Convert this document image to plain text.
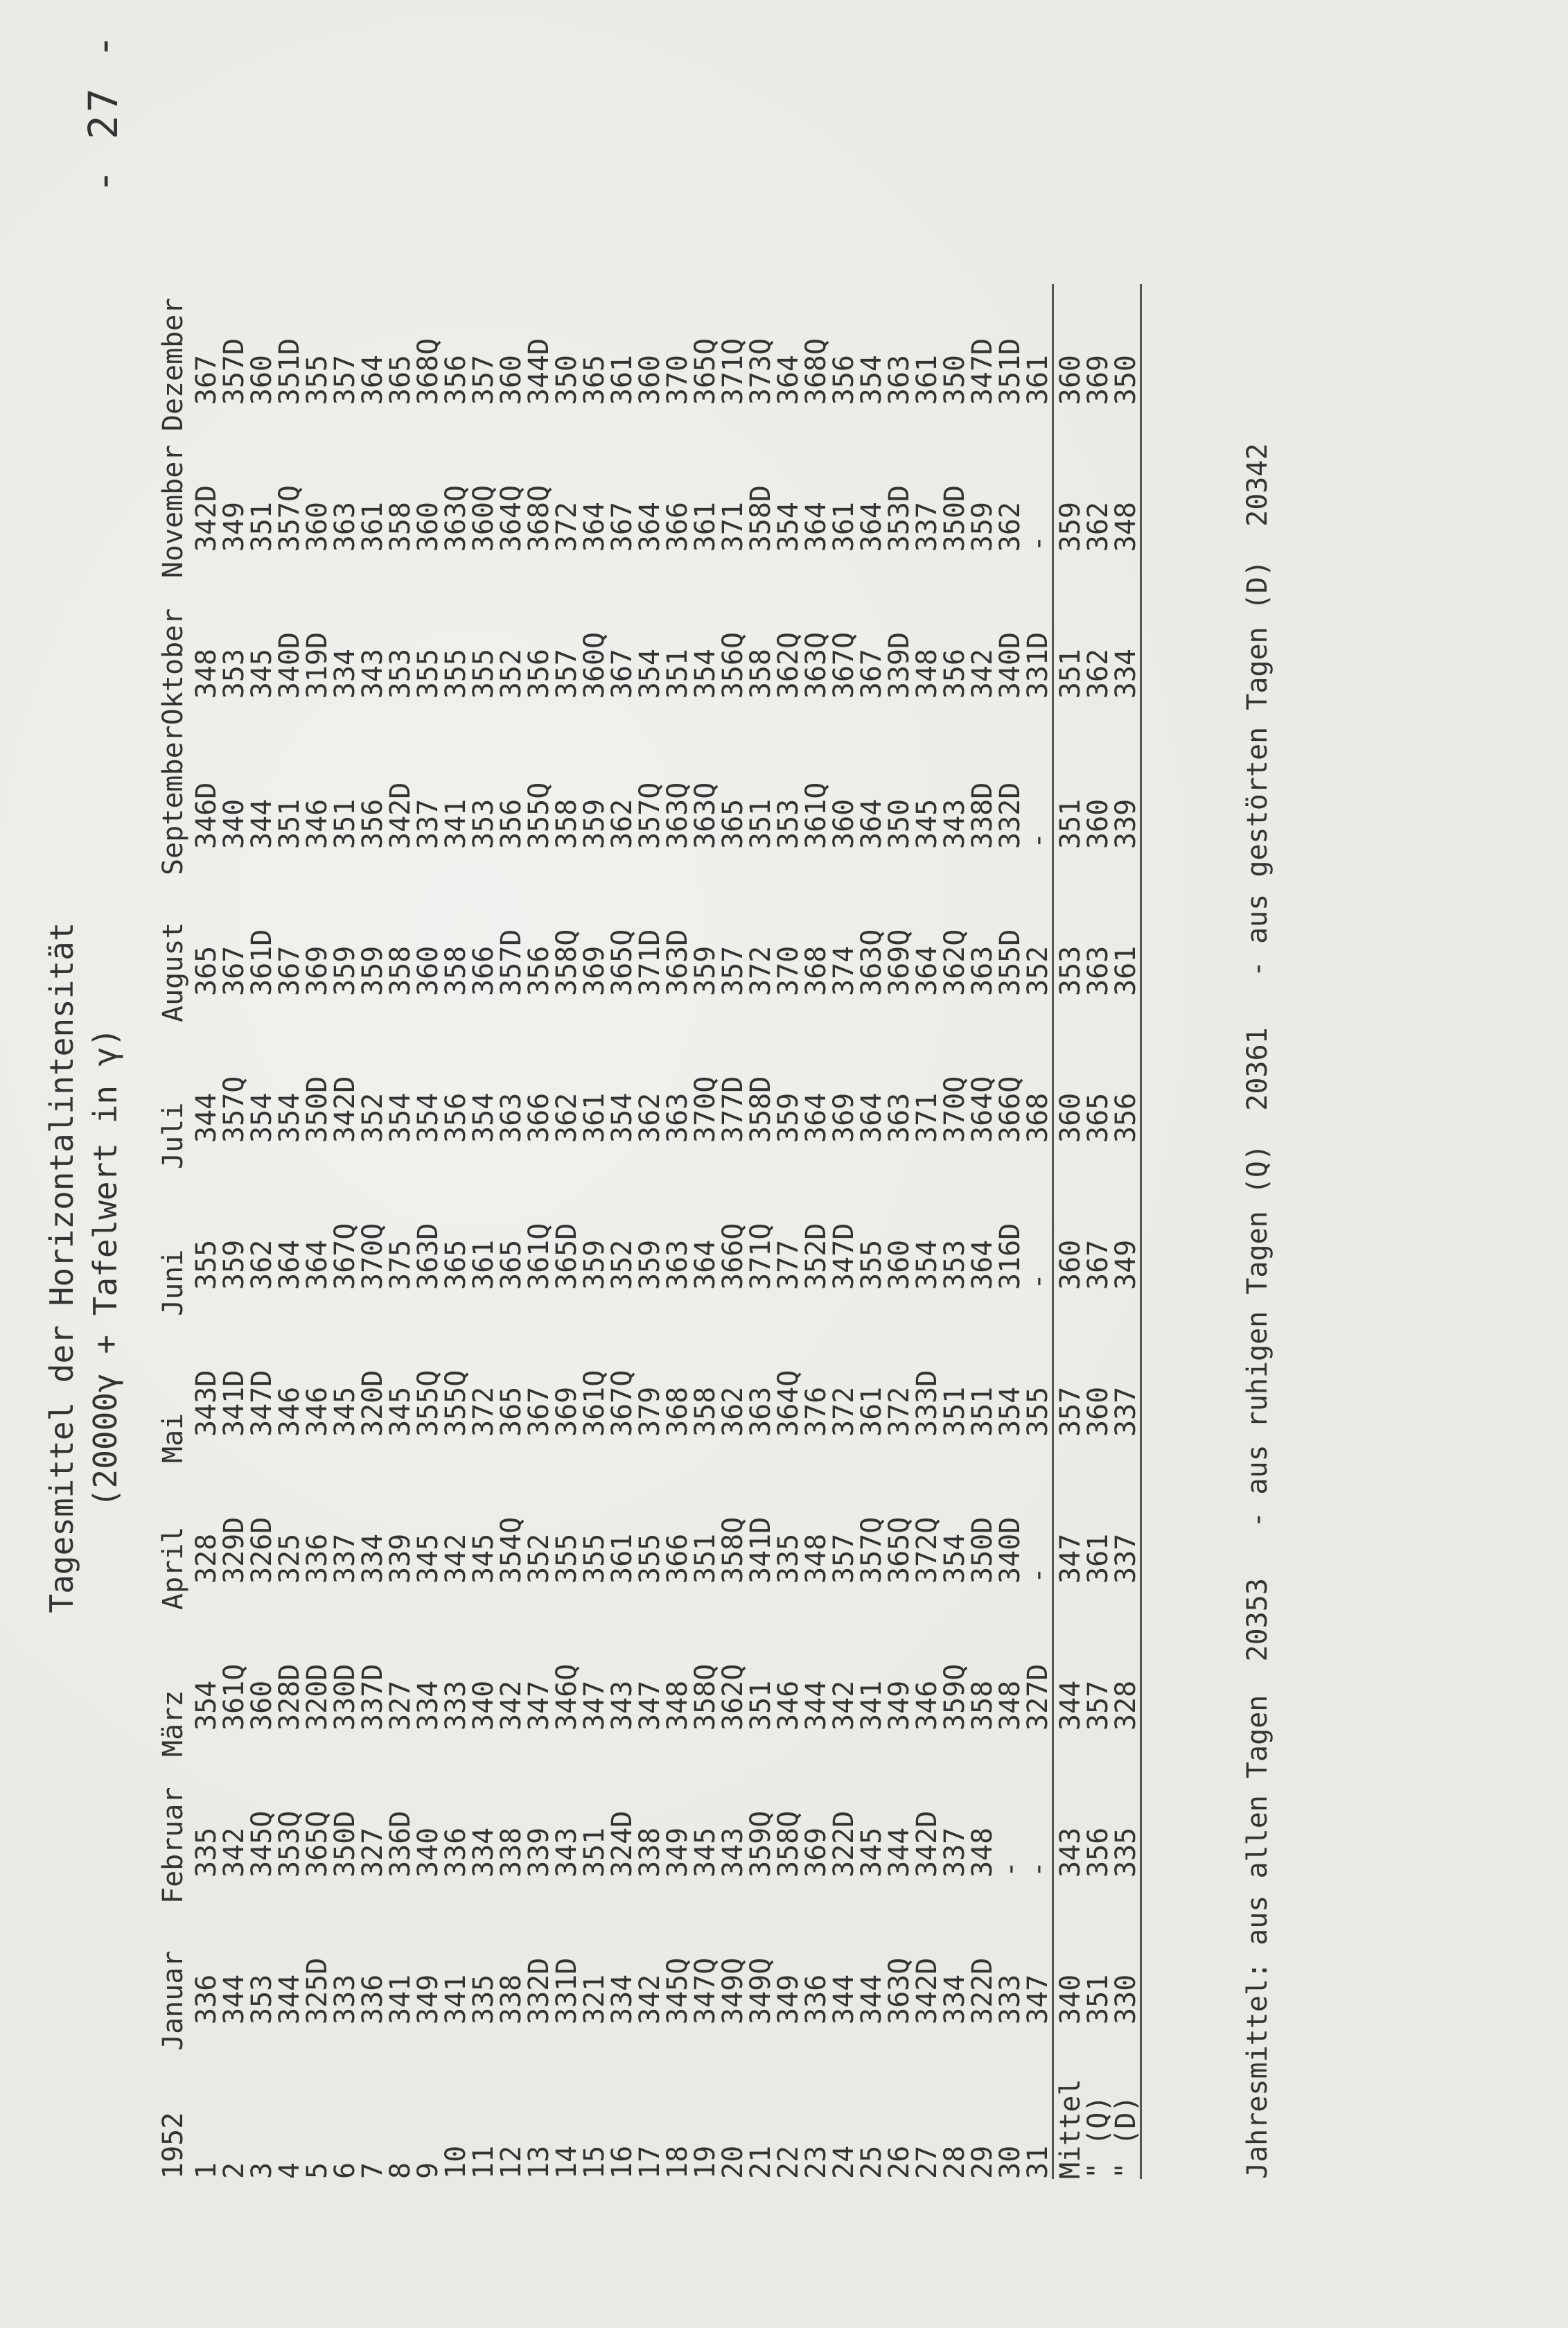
- 27 -
Tagesmittel der Horizontalintensität (20000γ + Tafelwert in γ)
1952	Januar	Februar	März	April	Mai	Juni	Juli	August	September	Oktober	November	Dezember
1	336	335	354	328	343D	355	344	365	346D	348	342D	367
2	344	342	361Q	329D	341D	359	357Q	367	340	353	349	357D
3	353	345Q	360	326D	347D	362	354	361D	344	345	351	360
4	344	353Q	328D	325	346	364	354	367	351	340D	357Q	351D
5	325D	365Q	320D	336	346	364	350D	369	346	319D	360	355
6	333	350D	330D	337	345	367Q	342D	359	351	334	363	357
7	336	327	337D	334	320D	370Q	352	359	356	343	361	364
8	341	336D	327	339	345	375	354	358	342D	353	358	365
9	349	340	334	345	355Q	363D	354	360	337	355	360	368Q
10	341	336	333	342	355Q	365	356	358	341	355	363Q	356
11	335	334	340	345	372	361	354	366	353	355	360Q	357
12	338	338	342	354Q	365	365	363	357D	356	352	364Q	360
13	332D	339	347	352	367	361Q	366	356	355Q	356	368Q	344D
14	331D	343	346Q	355	369	365D	362	358Q	358	357	372	350
15	321	351	347	355	361Q	359	361	369	359	360Q	364	365
16	334	324D	343	361	367Q	352	354	365Q	362	367	367	361
17	342	338	347	355	379	359	362	371D	357Q	354	364	360
18	345Q	349	348	366	368	363	363	363D	363Q	351	366	370
19	347Q	345	358Q	351	358	364	370Q	359	363Q	354	361	365Q
20	349Q	343	362Q	358Q	362	366Q	377D	357	365	356Q	371	371Q
21	349Q	359Q	351	341D	363	371Q	358D	372	351	358	358D	373Q
22	349	358Q	346	335	364Q	377	359	370	353	362Q	354	364
23	336	369	344	348	376	352D	364	368	361Q	363Q	364	368Q
24	344	322D	342	357	372	347D	369	374	360	367Q	361	356
25	344	345	341	357Q	361	355	364	363Q	364	367	364	354
26	363Q	344	349	365Q	372	360	363	369Q	350	339D	353D	363
27	342D	342D	346	372Q	333D	354	371	364	345	348	337	361
28	334	337	359Q	354	351	353	370Q	362Q	343	356	350D	350
29	322D	348	358	350D	351	364	364Q	363	338D	342	359	347D
30	333	-	348	340D	354	316D	366Q	355D	332D	340D	362	351D
31	347	-	327D	-	355	-	368	352	-	331D	-	361
Mittel	340	343	344	347	357	360	360	353	351	351	359	360
" (Q)	351	356	357	361	360	367	365	363	360	362	362	369
" (D)	330	335	328	337	337	349	356	361	339	334	348	350
Jahresmittel: aus allen Tagen  20353   - aus ruhigen Tagen (Q)  20361   - aus gestörten Tagen (D)  20342
